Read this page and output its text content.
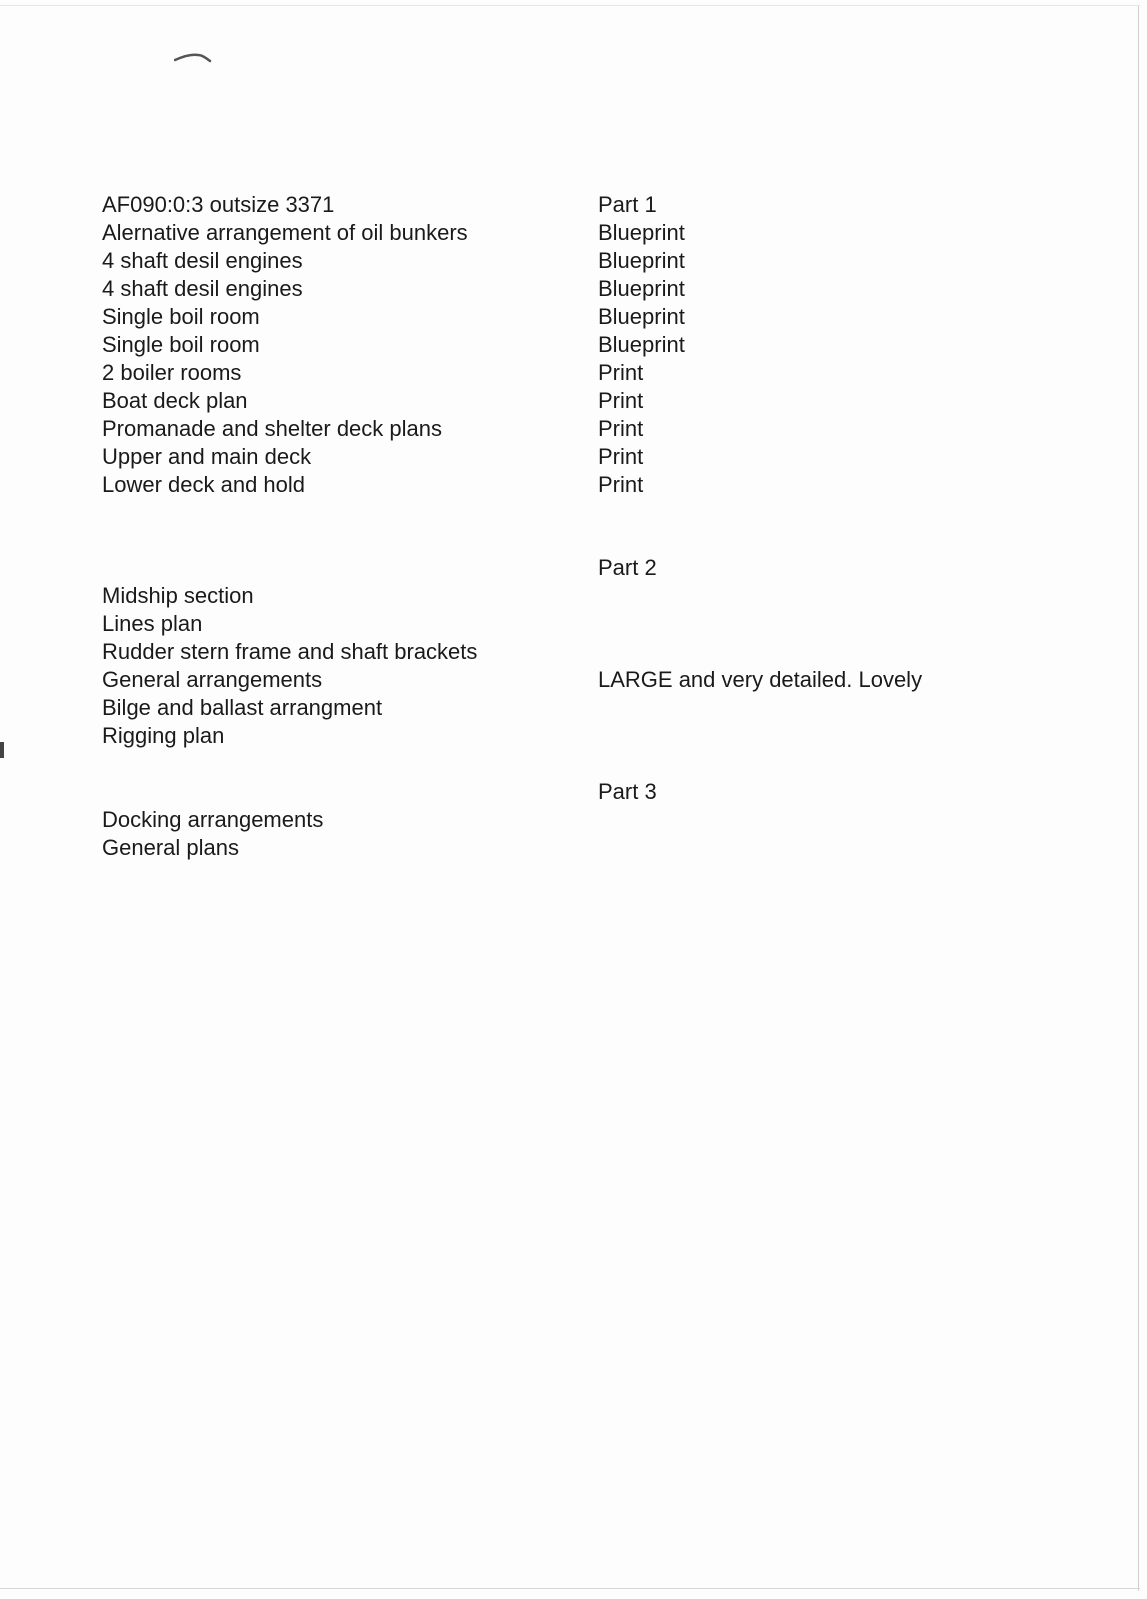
AF090:0:3 outsize 3371
Alernative arrangement of oil bunkers
4 shaft desil engines
4 shaft desil engines
Single boil room
Single boil room
2 boiler rooms
Boat deck plan
Promanade and shelter deck plans
Upper and main deck
Lower deck and hold
Part 1
Blueprint
Blueprint
Blueprint
Blueprint
Blueprint
Print
Print
Print
Print
Print
Part 2
Midship section
Lines plan
Rudder stern frame and shaft brackets
General arrangements
Bilge and ballast arrangment
Rigging plan
LARGE and very detailed. Lovely
Part 3
Docking arrangements
General plans
